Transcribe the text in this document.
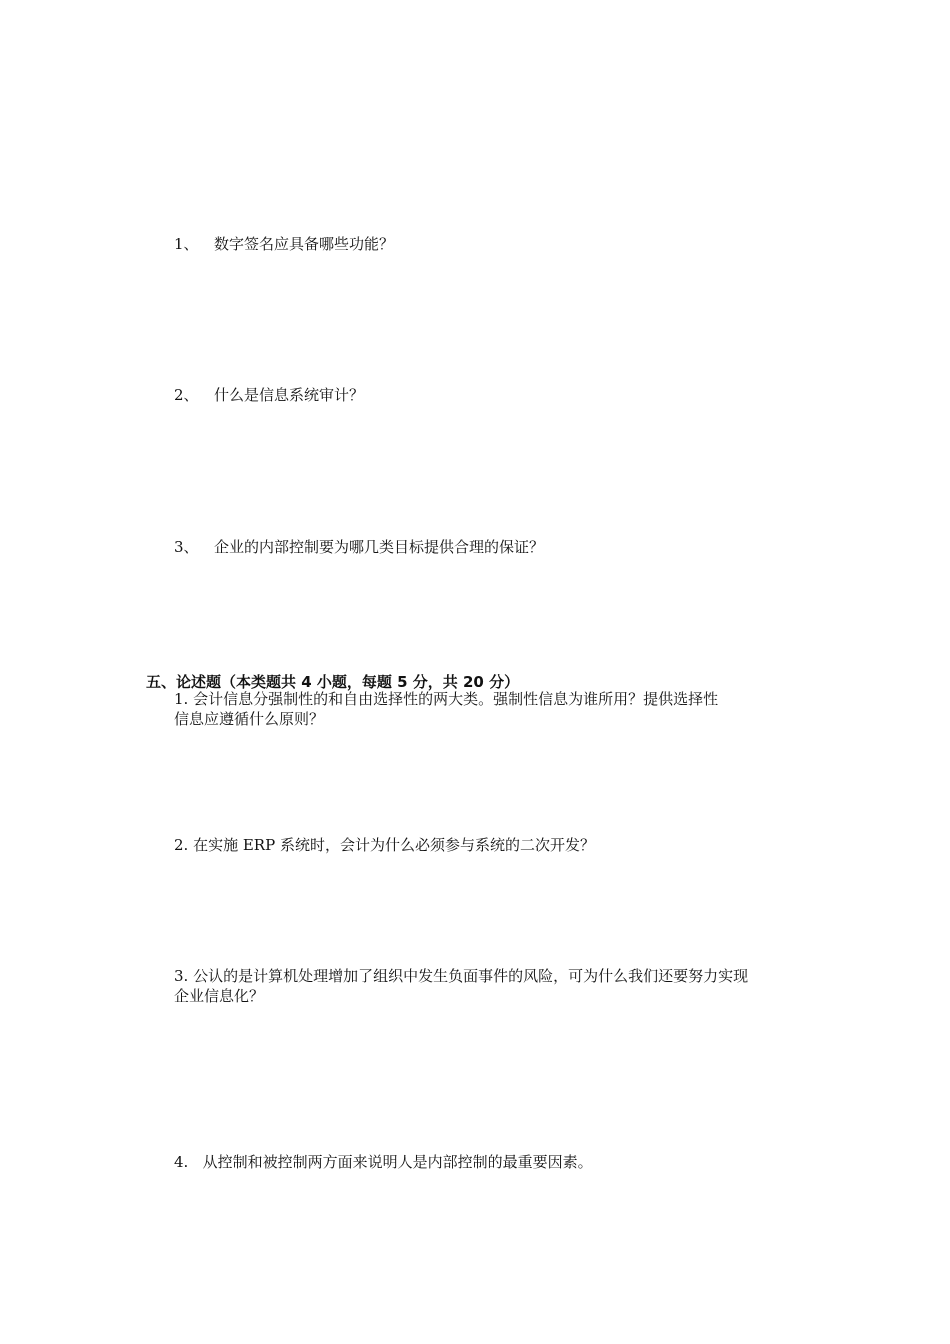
1、 数字签名应具备哪些功能？
2、 什么是信息系统审计？
3、 企业的内部控制要为哪几类目标提供合理的保证？
五、论述题（本类题共 4 小题，每题 5 分，共 20 分）
1. 会计信息分强制性的和自由选择性的两大类。强制性信息为谁所用？提供选择性
信息应遵循什么原则？
2. 在实施 ERP 系统时，会计为什么必须参与系统的二次开发？
3. 公认的是计算机处理增加了组织中发生负面事件的风险，可为什么我们还要努力实现
企业信息化？
4.   从控制和被控制两方面来说明人是内部控制的最重要因素。
